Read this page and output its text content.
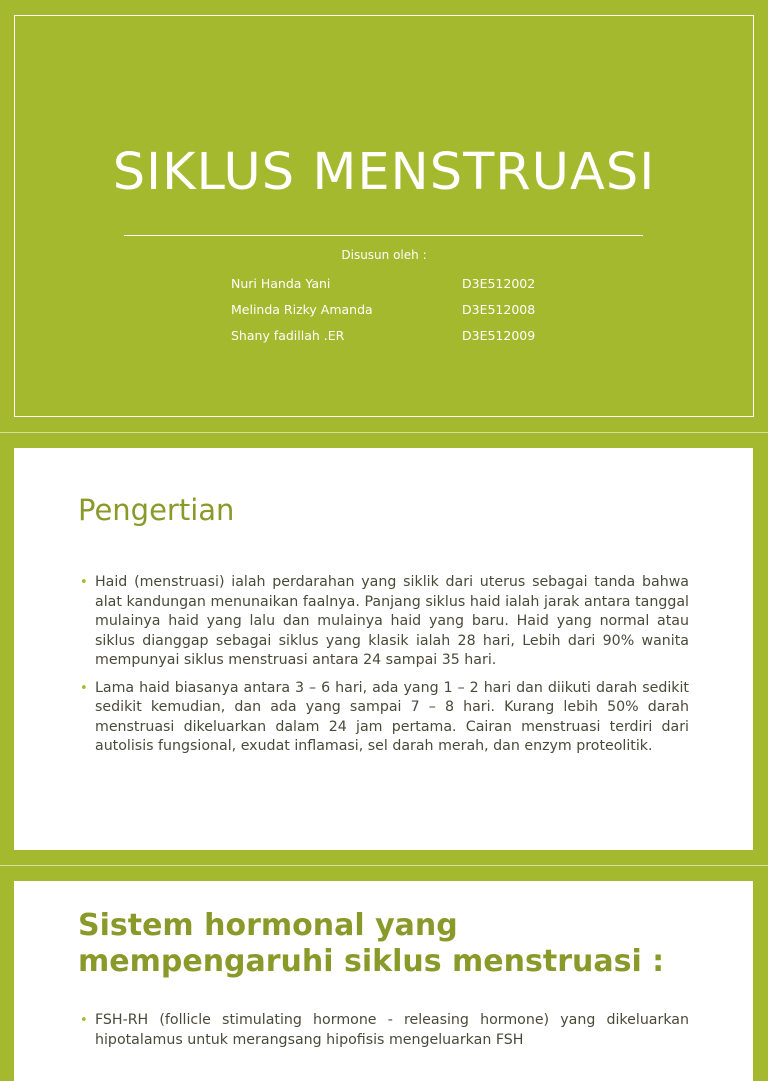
SIKLUS MENSTRUASI
Disusun oleh :
Nuri Handa Yani	D3E512002
Melinda Rizky Amanda	D3E512008
Shany fadillah .ER	D3E512009
Pengertian
• Haid (menstruasi) ialah perdarahan yang siklik dari uterus sebagai tanda bahwa alat kandungan menunaikan faalnya. Panjang siklus haid ialah jarak antara tanggal mulainya haid yang lalu dan mulainya haid yang baru. Haid yang normal atau siklus dianggap sebagai siklus yang klasik ialah 28 hari, Lebih dari 90% wanita mempunyai siklus menstruasi antara 24 sampai 35 hari.
• Lama haid biasanya antara 3 – 6 hari, ada yang 1 – 2 hari dan diikuti darah sedikit sedikit kemudian, dan ada yang sampai 7 – 8 hari. Kurang lebih 50% darah menstruasi dikeluarkan dalam 24 jam pertama. Cairan menstruasi terdiri dari autolisis fungsional, exudat inflamasi, sel darah merah, dan enzym proteolitik.
Sistem hormonal yang mempengaruhi siklus menstruasi :
• FSH-RH (follicle stimulating hormone - releasing hormone) yang dikeluarkan hipotalamus untuk merangsang hipofisis mengeluarkan FSH
